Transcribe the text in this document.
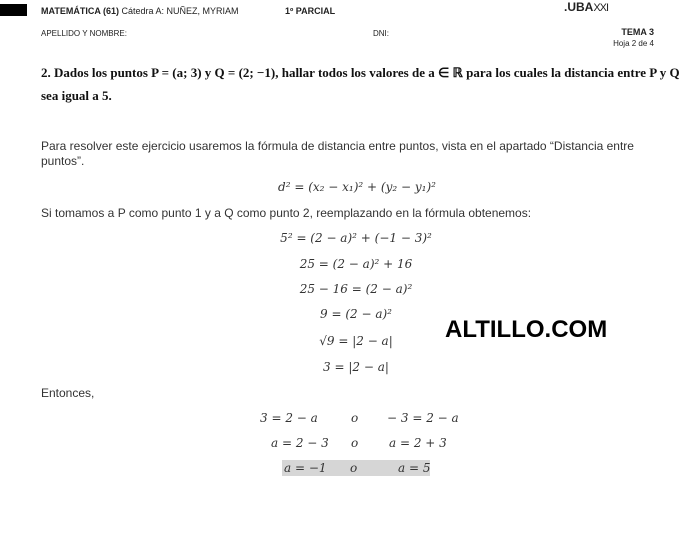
MATEMÁTICA (61) Cátedra A: NUÑEZ, MYRIAM	1º PARCIAL	.UBAXXI
APELLIDO Y NOMBRE:	DNI:	TEMA 3
Hoja 2 de 4
2. Dados los puntos P = (a; 3) y Q = (2; −1), hallar todos los valores de a ∈ ℝ para los cuales la distancia entre P y Q sea igual a 5.
Para resolver este ejercicio usaremos la fórmula de distancia entre puntos, vista en el apartado “Distancia entre puntos”.
d² = (x₂ − x₁)² + (y₂ − y₁)²
Si tomamos a P como punto 1 y a Q como punto 2, reemplazando en la fórmula obtenemos:
5² = (2 − a)² + (−1 − 3)²
25 = (2 − a)² + 16
25 − 16 = (2 − a)²
9 = (2 − a)²
√9 = |2 − a|
3 = |2 − a|
ALTILLO.COM
Entonces,
3 = 2 − a	o − 3 = 2 − a
a = 2 − 3 o	a = 2 + 3
a = −1 o	a = 5
